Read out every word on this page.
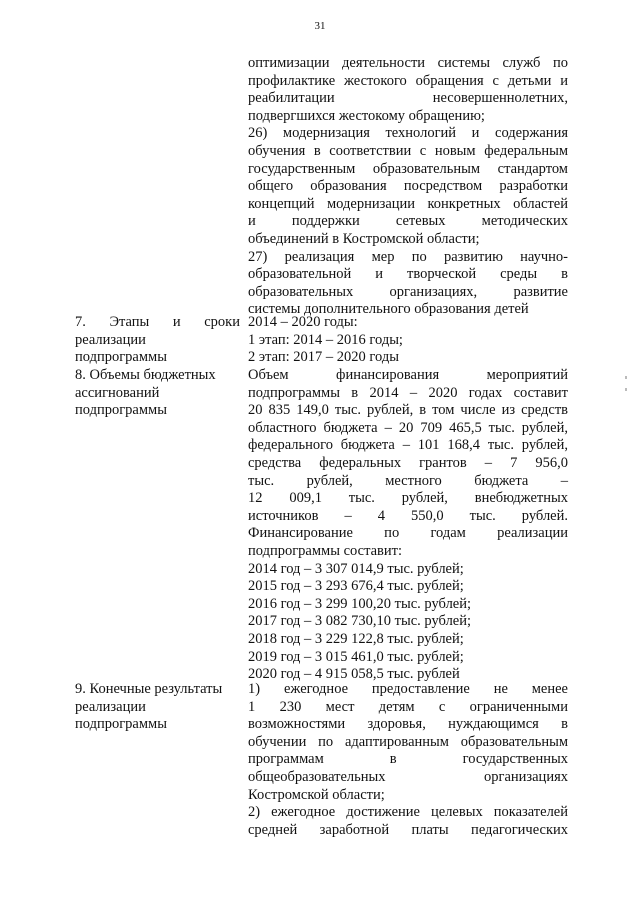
31
оптимизации деятельности системы служб по
профилактике жестокого обращения с детьми и
реабилитации несовершеннолетних,
подвергшихся жестокому обращению;
26) модернизация технологий и содержания
обучения в соответствии с новым федеральным
государственным образовательным стандартом
общего образования посредством разработки
концепций модернизации конкретных областей
и поддержки сетевых методических
объединений в Костромской области;
27) реализация мер по развитию научно-
образовательной и творческой среды в
образовательных организациях, развитие
системы дополнительного образования детей
7. Этапы и сроки
реализации
подпрограммы
2014 – 2020 годы:
1 этап: 2014 – 2016 годы;
2 этап: 2017 – 2020 годы
8. Объемы бюджетных
ассигнований
подпрограммы
Объем финансирования мероприятий
подпрограммы в 2014 – 2020 годах составит
20 835 149,0 тыс. рублей, в том числе из средств
областного бюджета – 20 709 465,5 тыс. рублей,
федерального бюджета – 101 168,4 тыс. рублей,
средства федеральных грантов – 7 956,0
тыс. рублей, местного бюджета –
12 009,1 тыс. рублей, внебюджетных
источников – 4 550,0 тыс. рублей.
Финансирование по годам реализации
подпрограммы составит:
2014 год – 3 307 014,9 тыс. рублей;
2015 год – 3 293 676,4 тыс. рублей;
2016 год – 3 299 100,20 тыс. рублей;
2017 год – 3 082 730,10 тыс. рублей;
2018 год – 3 229 122,8 тыс. рублей;
2019 год – 3 015 461,0 тыс. рублей;
2020 год – 4 915 058,5 тыс. рублей
9. Конечные результаты
реализации
подпрограммы
1) ежегодное предоставление не менее
1 230 мест детям с ограниченными
возможностями здоровья, нуждающимся в
обучении по адаптированным образовательным
программам в государственных
общеобразовательных организациях
Костромской области;
2) ежегодное достижение целевых показателей
средней заработной платы педагогических
